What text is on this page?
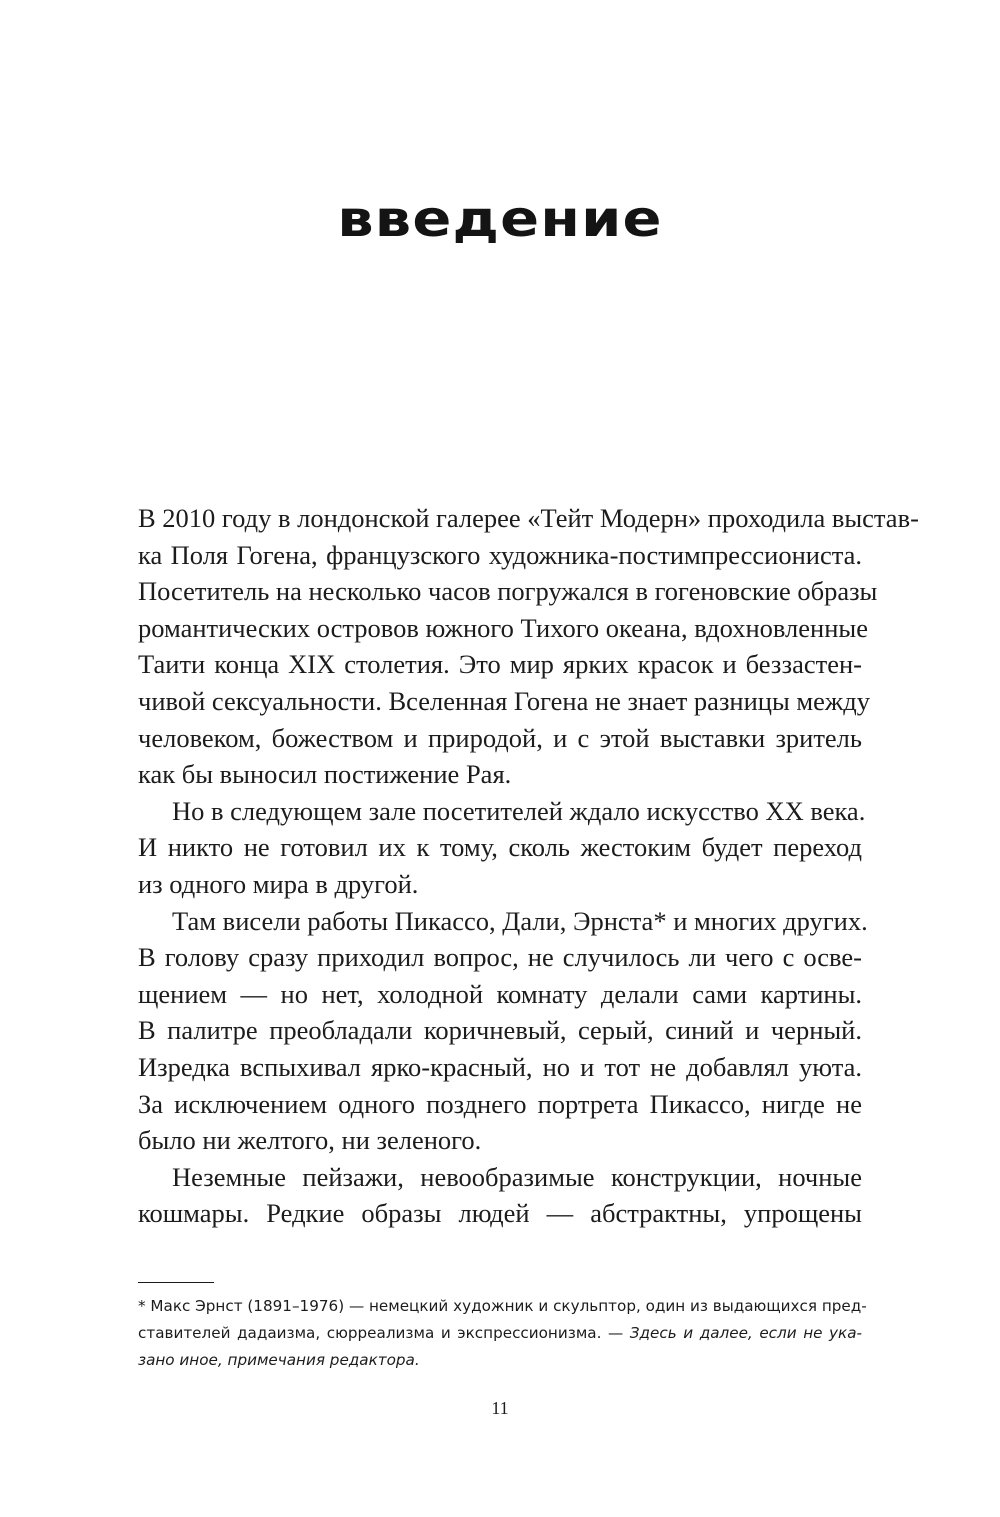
введение
В 2010 году в лондонской галерее «Тейт Модерн» проходила выстав-
ка Поля Гогена, французского художника-постимпрессиониста.
Посетитель на несколько часов погружался в гогеновские образы
романтических островов южного Тихого океана, вдохновленные
Таити конца XIX столетия. Это мир ярких красок и беззастен-
чивой сексуальности. Вселенная Гогена не знает разницы между
человеком, божеством и природой, и с этой выставки зритель
как бы выносил постижение Рая.
Но в следующем зале посетителей ждало искусство XX века.
И никто не готовил их к тому, сколь жестоким будет переход
из одного мира в другой.
Там висели работы Пикассо, Дали, Эрнста* и многих других.
В голову сразу приходил вопрос, не случилось ли чего с осве-
щением — но нет, холодной комнату делали сами картины.
В палитре преобладали коричневый, серый, синий и черный.
Изредка вспыхивал ярко-красный, но и тот не добавлял уюта.
За исключением одного позднего портрета Пикассо, нигде не
было ни желтого, ни зеленого.
Неземные пейзажи, невообразимые конструкции, ночные
кошмары. Редкие образы людей — абстрактны, упрощены
* Макс Эрнст (1891–1976) — немецкий художник и скульптор, один из выдающихся пред-
ставителей дадаизма, сюрреализма и экспрессионизма. — Здесь и далее, если не ука-
зано иное, примечания редактора.
11
